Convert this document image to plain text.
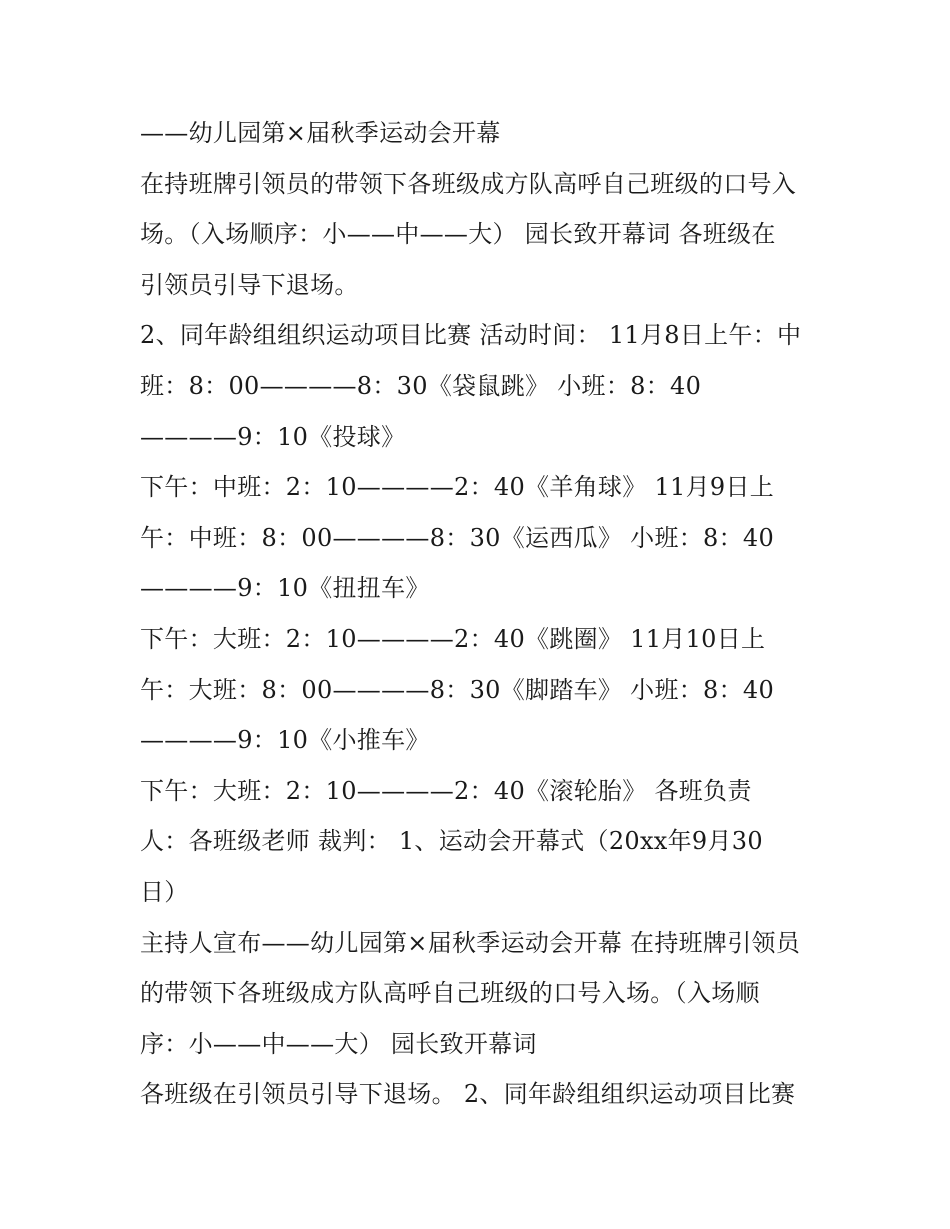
——幼儿园第×届秋季运动会开幕
在持班牌引领员的带领下各班级成方队高呼自己班级的口号入
场。（入场顺序：小——中——大） 园长致开幕词 各班级在
引领员引导下退场。
2、同年龄组组织运动项目比赛 活动时间： 11月8日上午：中
班：8：00————8：30《袋鼠跳》 小班：8：40
————9：10《投球》
下午：中班：2：10————2：40《羊角球》 11月9日上
午：中班：8：00————8：30《运西瓜》 小班：8：40
————9：10《扭扭车》
下午：大班：2：10————2：40《跳圈》 11月10日上
午：大班：8：00————8：30《脚踏车》 小班：8：40
————9：10《小推车》
下午：大班：2：10————2：40《滚轮胎》 各班负责
人：各班级老师 裁判： 1、运动会开幕式（20xx年9月30
日）
主持人宣布——幼儿园第×届秋季运动会开幕 在持班牌引领员
的带领下各班级成方队高呼自己班级的口号入场。（入场顺
序：小——中——大） 园长致开幕词
各班级在引领员引导下退场。 2、同年龄组组织运动项目比赛
